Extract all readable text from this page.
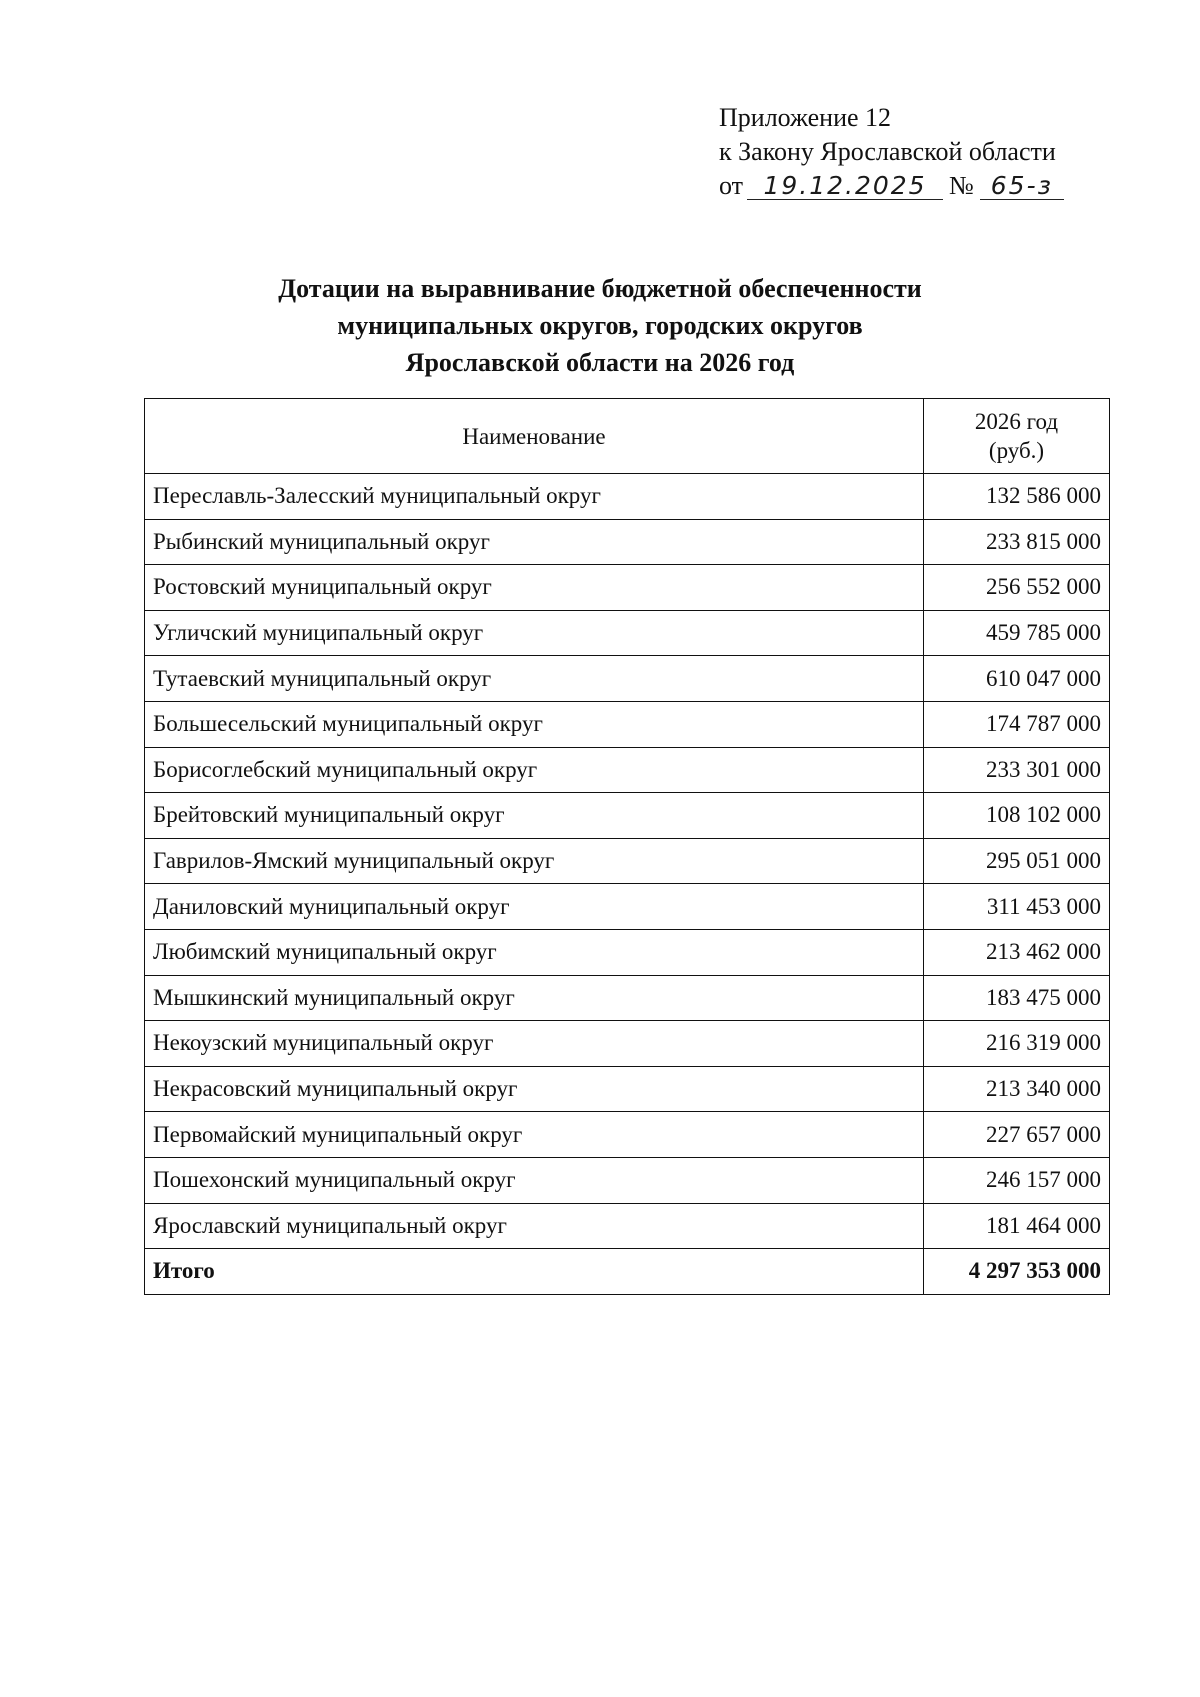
Приложение 12
к Закону Ярославской области
от 19.12.2025 № 65-з
Дотации на выравнивание бюджетной обеспеченности
муниципальных округов, городских округов
Ярославской области на 2026 год
Наименование	2026 год
(руб.)

Переславль-Залесский муниципальный округ	132 586 000
Рыбинский муниципальный округ	233 815 000
Ростовский муниципальный округ	256 552 000
Угличский муниципальный округ	459 785 000
Тутаевский муниципальный округ	610 047 000
Большесельский муниципальный округ	174 787 000
Борисоглебский муниципальный округ	233 301 000
Брейтовский муниципальный округ	108 102 000
Гаврилов-Ямский муниципальный округ	295 051 000
Даниловский муниципальный округ	311 453 000
Любимский муниципальный округ	213 462 000
Мышкинский муниципальный округ	183 475 000
Некоузский муниципальный округ	216 319 000
Некрасовский муниципальный округ	213 340 000
Первомайский муниципальный округ	227 657 000
Пошехонский муниципальный округ	246 157 000
Ярославский муниципальный округ	181 464 000
Итого	4 297 353 000
